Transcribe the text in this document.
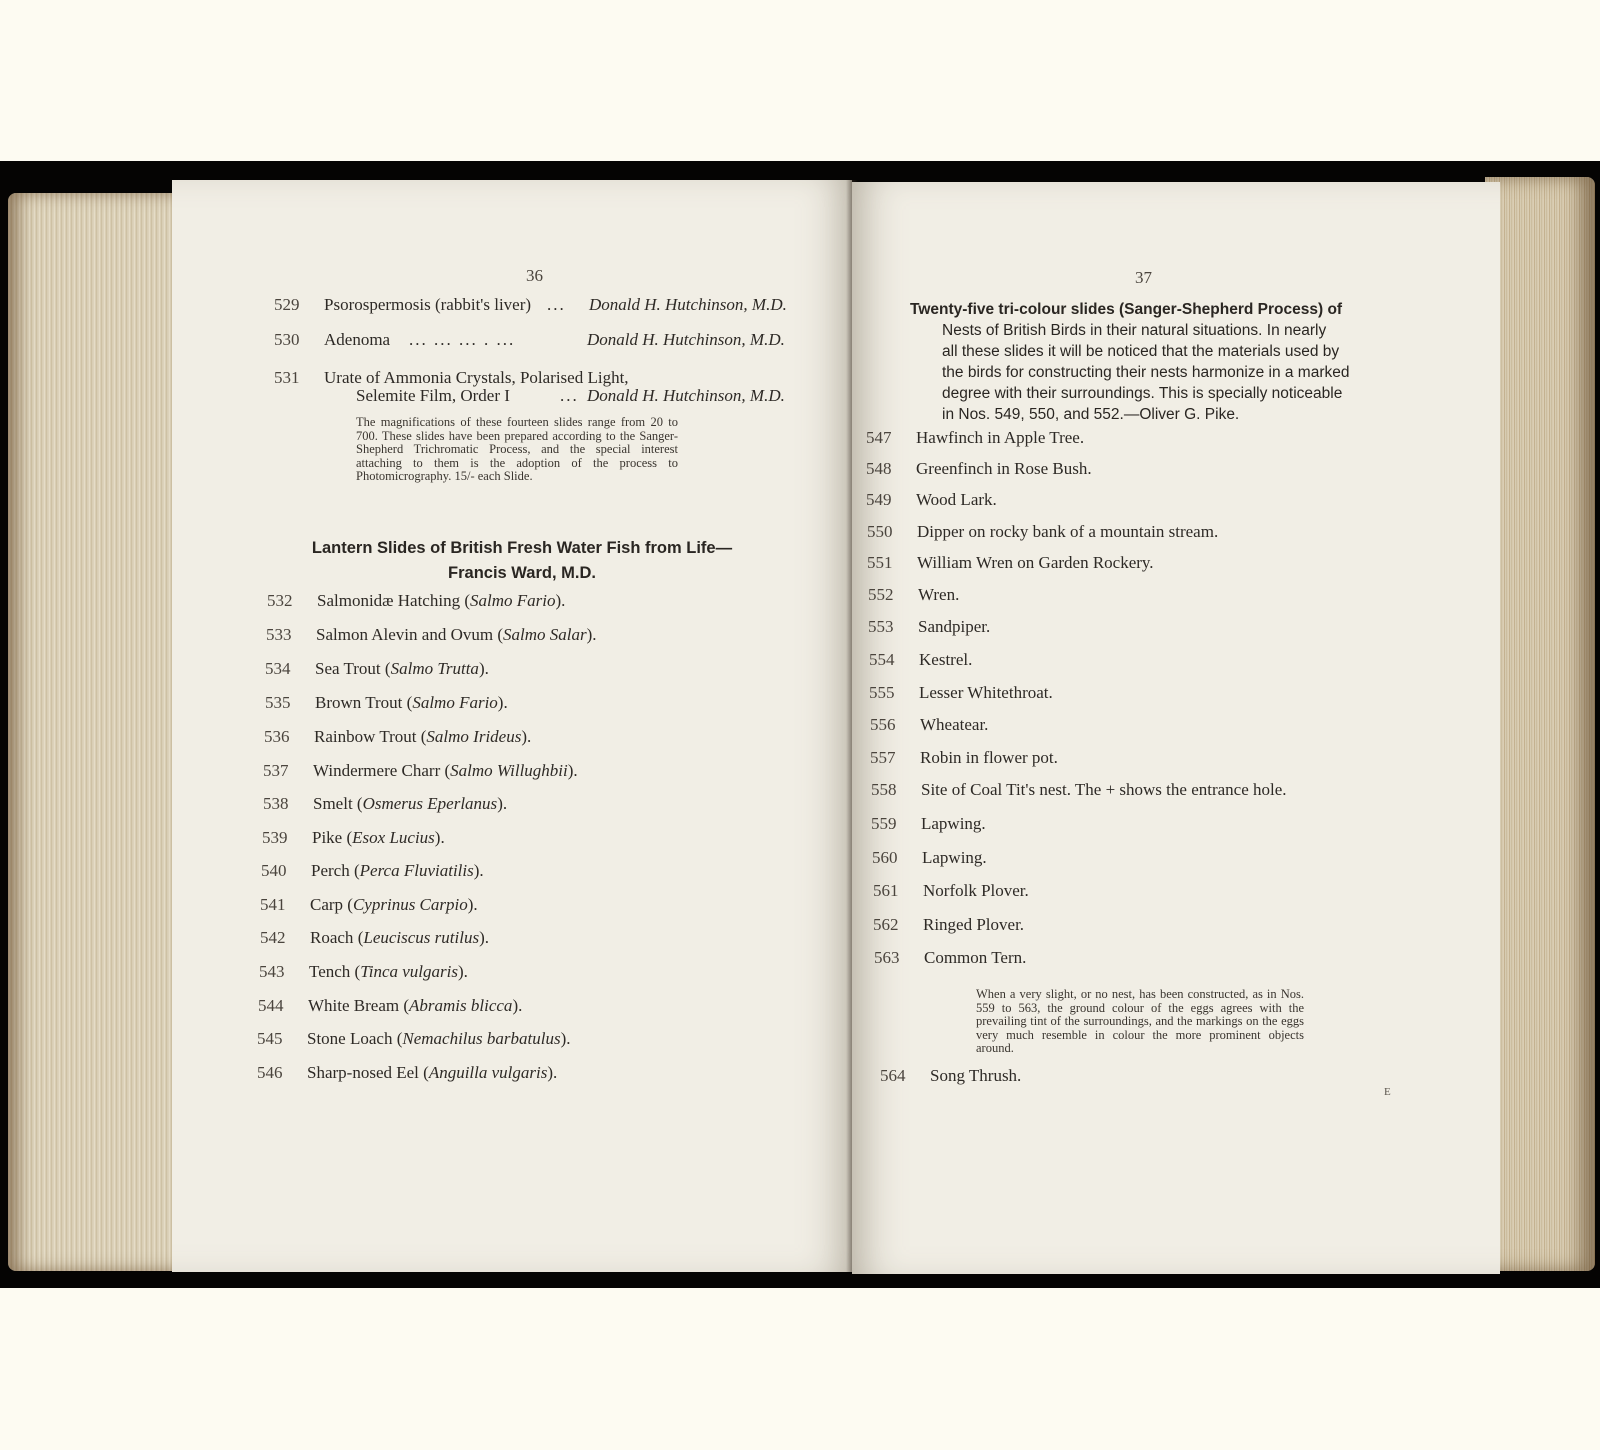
36
529	Psorospermosis (rabbit's liver) ... Donald H. Hutchinson, M.D.
530	Adenoma ... ... ... . ...	Donald H. Hutchinson, M.D.
531	Urate of Ammonia Crystals, Polarised Light,
Selemite Film, Order I	... Donald H. Hutchinson, M.D.
The magnifications of these fourteen slides range from 20 to 700. These slides have been prepared according to the Sanger-Shepherd Trichromatic Process, and the special interest attaching to them is the adoption of the process to Photomicrography. 15/- each Slide.
Lantern Slides of British Fresh Water Fish from Life—
Francis Ward, M.D.
532	Salmonidæ Hatching (Salmo Fario).
533	Salmon Alevin and Ovum (Salmo Salar).
534	Sea Trout (Salmo Trutta).
535	Brown Trout (Salmo Fario).
536	Rainbow Trout (Salmo Irideus).
537	Windermere Charr (Salmo Willughbii).
538	Smelt (Osmerus Eperlanus).
539	Pike (Esox Lucius).
540	Perch (Perca Fluviatilis).
541	Carp (Cyprinus Carpio).
542	Roach (Leuciscus rutilus).
543	Tench (Tinca vulgaris).
544	White Bream (Abramis blicca).
545	Stone Loach (Nemachilus barbatulus).
546	Sharp-nosed Eel (Anguilla vulgaris).
37
Twenty-five tri-colour slides (Sanger-Shepherd Process) of
Nests of British Birds in their natural situations. In nearly
all these slides it will be noticed that the materials used by
the birds for constructing their nests harmonize in a marked
degree with their surroundings. This is specially noticeable
in Nos. 549, 550, and 552.—Oliver G. Pike.
547	Hawfinch in Apple Tree.
548	Greenfinch in Rose Bush.
549	Wood Lark.
550	Dipper on rocky bank of a mountain stream.
551	William Wren on Garden Rockery.
552	Wren.
553	Sandpiper.
554	Kestrel.
555	Lesser Whitethroat.
556	Wheatear.
557	Robin in flower pot.
558	Site of Coal Tit's nest. The + shows the entrance hole.
559	Lapwing.
560	Lapwing.
561	Norfolk Plover.
562	Ringed Plover.
563	Common Tern.
When a very slight, or no nest, has been constructed, as in Nos. 559 to 563, the ground colour of the eggs agrees with the prevailing tint of the surroundings, and the markings on the eggs very much resemble in colour the more prominent objects around.
564	Song Thrush.
E
